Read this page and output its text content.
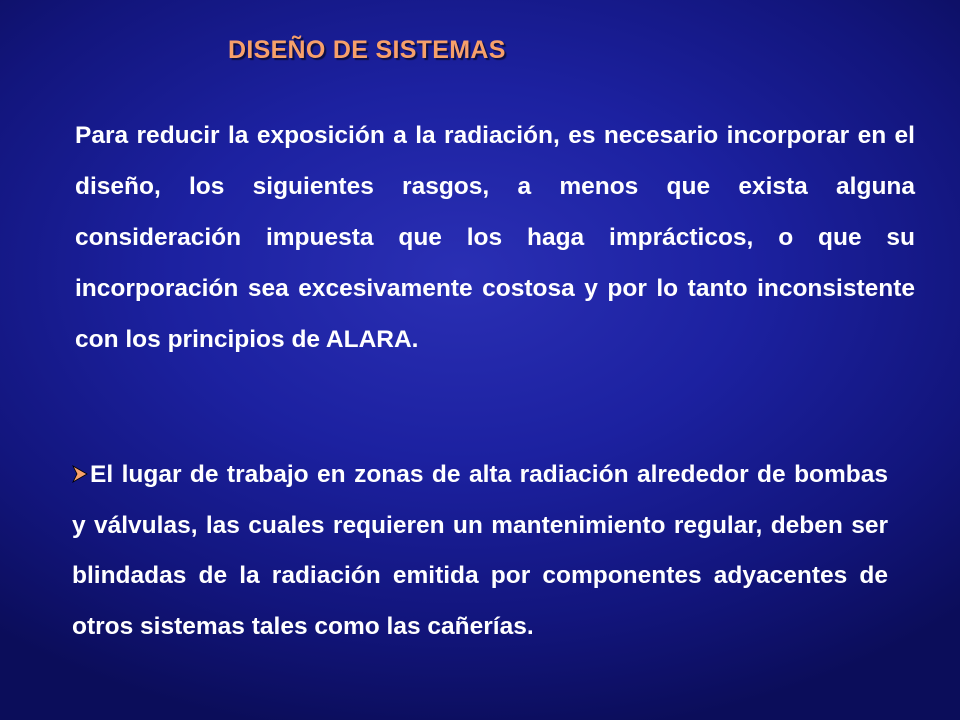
DISEÑO DE SISTEMAS

Para reducir la exposición a la radiación, es necesario incorporar en el diseño, los siguientes rasgos, a menos que exista alguna consideración impuesta que los haga imprácticos, o que su incorporación sea excesivamente costosa y por lo tanto inconsistente con los principios de ALARA.

El lugar de trabajo en zonas de alta radiación alrededor de bombas y válvulas, las cuales requieren un mantenimiento regular, deben ser blindadas de la radiación emitida por componentes adyacentes de otros sistemas tales como las cañerías.
